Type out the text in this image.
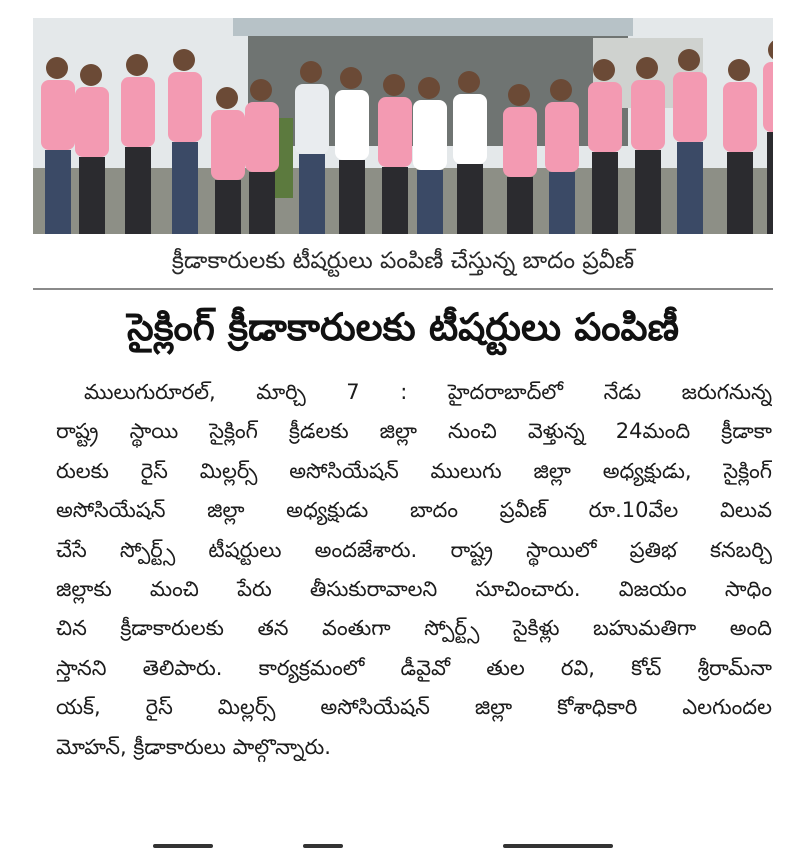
క్రీడాకారులకు టీషర్టులు పంపిణీ చేస్తున్న బాదం ప్రవీణ్
సైక్లింగ్ క్రీడాకారులకు టీషర్టులు పంపిణీ
ములుగురూరల్, మార్చి 7 : హైదరాబాద్‌లో నేడు జరుగనున్న
రాష్ట్ర స్థాయి సైక్లింగ్ క్రీడలకు జిల్లా నుంచి వెళ్తున్న 24మంది క్రీడాకా
రులకు రైస్ మిల్లర్స్ అసోసియేషన్ ములుగు జిల్లా అధ్యక్షుడు, సైక్లింగ్
అసోసియేషన్ జిల్లా అధ్యక్షుడు బాదం ప్రవీణ్ రూ.10వేల విలువ
చేసే స్పోర్ట్స్ టీషర్టులు అందజేశారు. రాష్ట్ర స్థాయిలో ప్రతిభ కనబర్చి
జిల్లాకు మంచి పేరు తీసుకురావాలని సూచించారు. విజయం సాధిం
చిన క్రీడాకారులకు తన వంతుగా స్పోర్ట్స్ సైకిళ్లు బహుమతిగా అంది
స్తానని తెలిపారు. కార్యక్రమంలో డీవైవో తుల రవి, కోచ్ శ్రీరామ్‌నా
యక్, రైస్ మిల్లర్స్ అసోసియేషన్ జిల్లా కోశాధికారి ఎలగుందల
మోహన్, క్రీడాకారులు పాల్గొన్నారు.
